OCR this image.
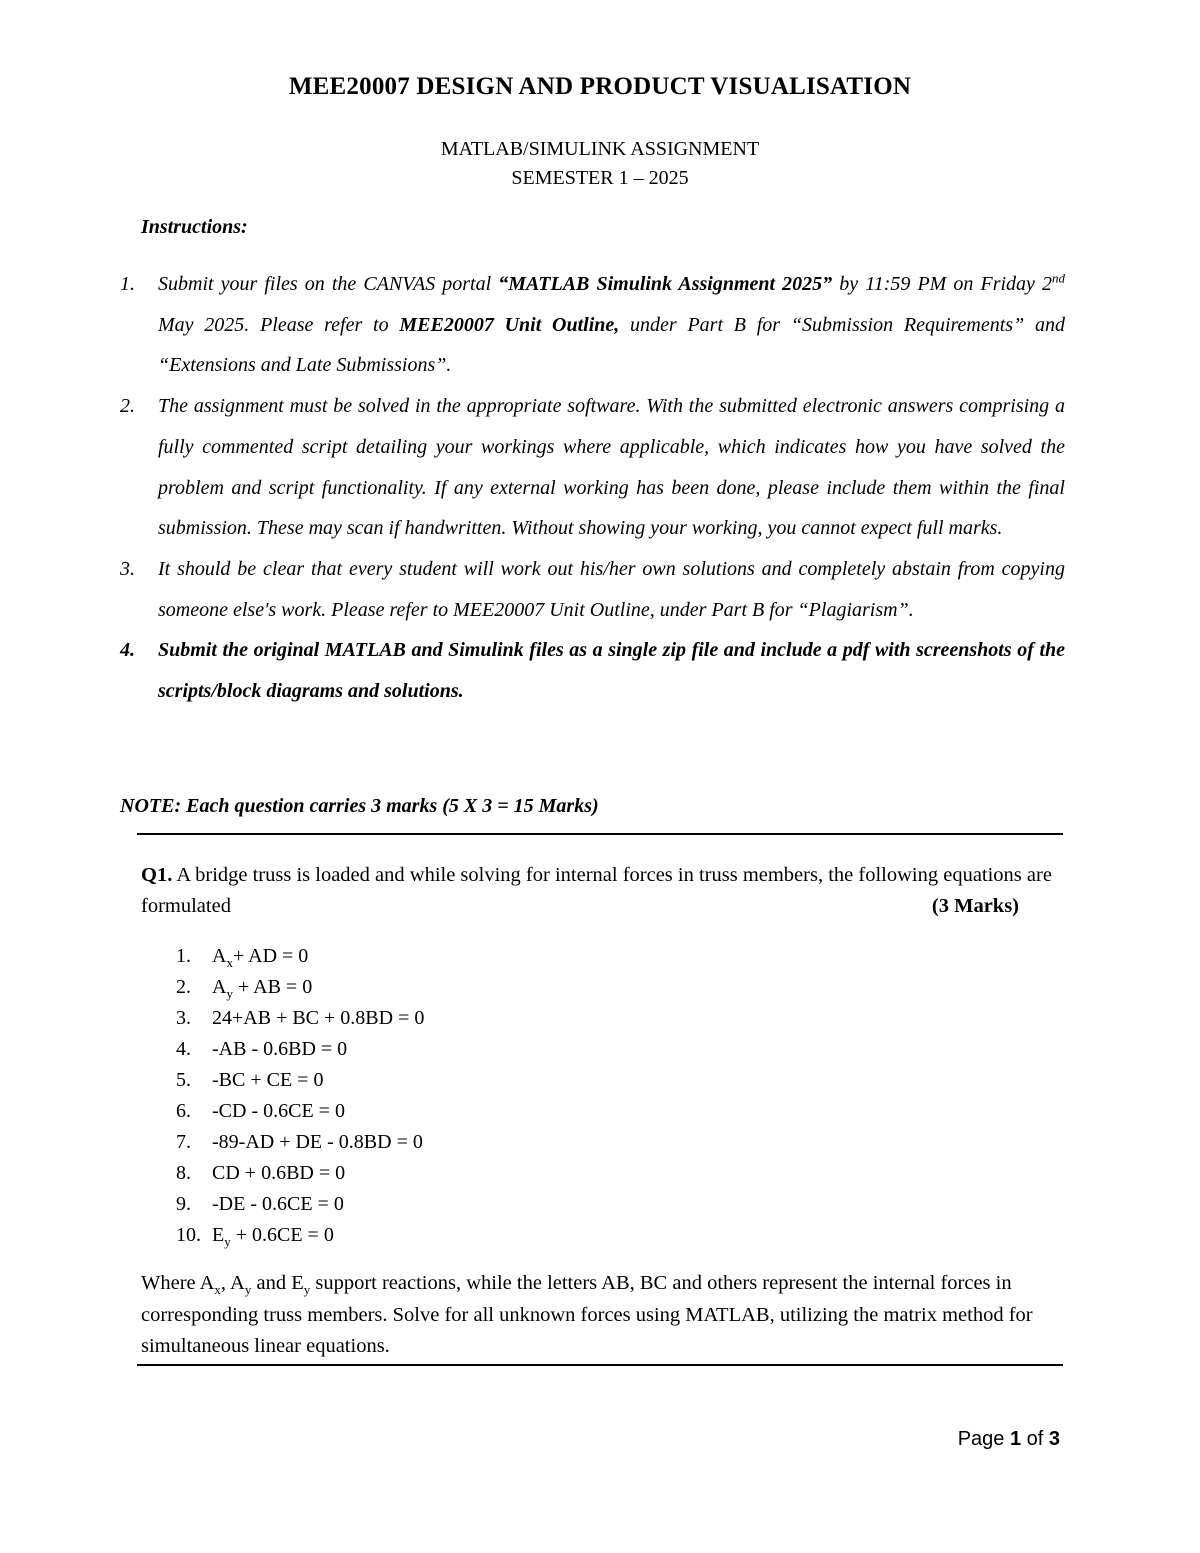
MEE20007 DESIGN AND PRODUCT VISUALISATION
MATLAB/SIMULINK ASSIGNMENT
SEMESTER 1 – 2025
Instructions:
1.	Submit your files on the CANVAS portal “MATLAB Simulink Assignment 2025” by 11:59 PM on Friday 2nd May 2025. Please refer to MEE20007 Unit Outline, under Part B for “Submission Requirements” and “Extensions and Late Submissions”.
2.	The assignment must be solved in the appropriate software. With the submitted electronic answers comprising a fully commented script detailing your workings where applicable, which indicates how you have solved the problem and script functionality. If any external working has been done, please include them within the final submission. These may scan if handwritten. Without showing your working, you cannot expect full marks.
3.	It should be clear that every student will work out his/her own solutions and completely abstain from copying someone else's work. Please refer to MEE20007 Unit Outline, under Part B for “Plagiarism”.
4.	Submit the original MATLAB and Simulink files as a single zip file and include a pdf with screenshots of the scripts/block diagrams and solutions.
NOTE: Each question carries 3 marks (5 X 3 = 15 Marks)

Q1. A bridge truss is loaded and while solving for internal forces in truss members, the following equations are formulated	(3 Marks)
1. $A_x+$ AD = 0
2. $A_y$ + AB = 0
3. 24+AB + BC + 0.8BD = 0
4. -AB - 0.6BD = 0
5. -BC + CE = 0
6. -CD - 0.6CE = 0
7. -89-AD + DE - 0.8BD = 0
8. CD + 0.6BD = 0
9. -DE - 0.6CE = 0
10. $E_y + 0.6CE = 0$

Where $A_x$, $A_y$ and $E_y$ support reactions, while the letters AB, BC and others represent the internal forces in corresponding truss members. Solve for all unknown forces using MATLAB, utilizing the matrix method for simultaneous linear equations.

Page 1 of 3
